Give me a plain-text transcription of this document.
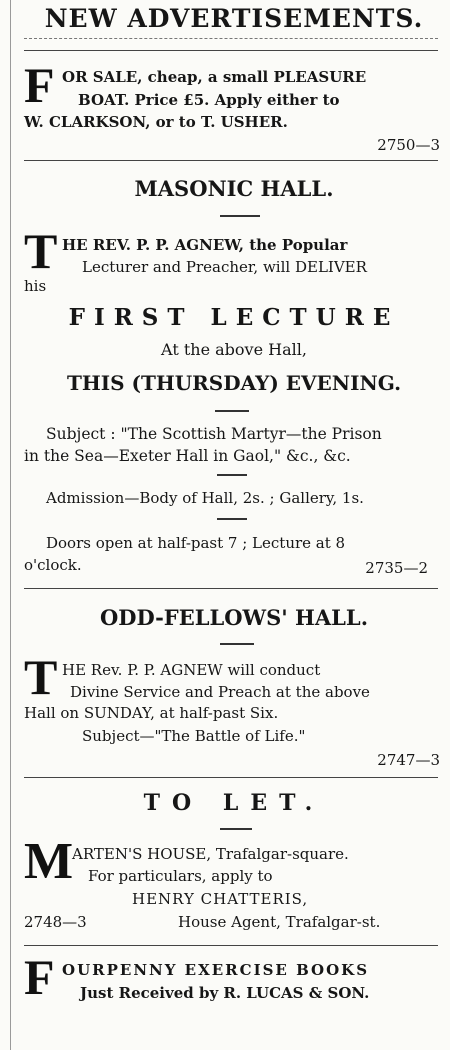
NEW ADVERTISEMENTS.
F OR SALE, cheap, a small PLEASURE
BOAT. Price £5. Apply either to
W. CLARKSON, or to T. USHER.
2750—3
MASONIC HALL.
T HE REV. P. P. AGNEW, the Popular
Lecturer and Preacher, will DELIVER
his
FIRST LECTURE
At the above Hall,
THIS (THURSDAY) EVENING.
Subject : "The Scottish Martyr—the Prison
in the Sea—Exeter Hall in Gaol," &c., &c.
Admission—Body of Hall, 2s. ; Gallery, 1s.
Doors open at half-past 7 ; Lecture at 8
o'clock.	2735—2
ODD-FELLOWS' HALL.
T HE Rev. P. P. AGNEW will conduct
Divine Service and Preach at the above
Hall on SUNDAY, at half-past Six.
Subject—"The Battle of Life."
2747—3
TO LET.
M
ARTEN'S HOUSE, Trafalgar-square.
For particulars, apply to
HENRY CHATTERIS,
2748—3	House Agent, Trafalgar-st.
F OURPENNY EXERCISE BOOKS
Just Received by R. LUCAS & SON.
